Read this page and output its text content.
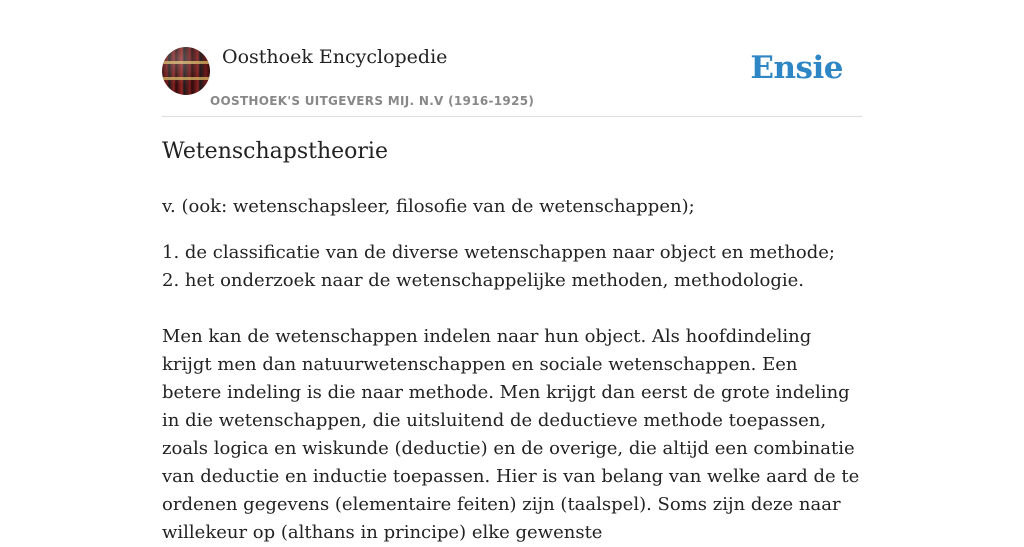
Oosthoek Encyclopedie
OOSTHOEK'S UITGEVERS MIJ. N.V (1916-1925)
Ensie
Wetenschapstheorie

v. (ook: wetenschapsleer, filosofie van de wetenschappen);

1. de classificatie van de diverse wetenschappen naar object en methode;
2. het onderzoek naar de wetenschappelijke methoden, methodologie.

Men kan de wetenschappen indelen naar hun object. Als hoofdindeling krijgt men dan natuurwetenschappen en sociale wetenschappen. Een betere indeling is die naar methode. Men krijgt dan eerst de grote indeling in die wetenschappen, die uitsluitend de deductieve methode toepassen, zoals logica en wiskunde (deductie) en de overige, die altijd een combinatie van deductie en inductie toepassen. Hier is van belang van welke aard de te ordenen gegevens (elementaire feiten) zijn (taalspel). Soms zijn deze naar willekeur op (althans in principe) elke gewenste
